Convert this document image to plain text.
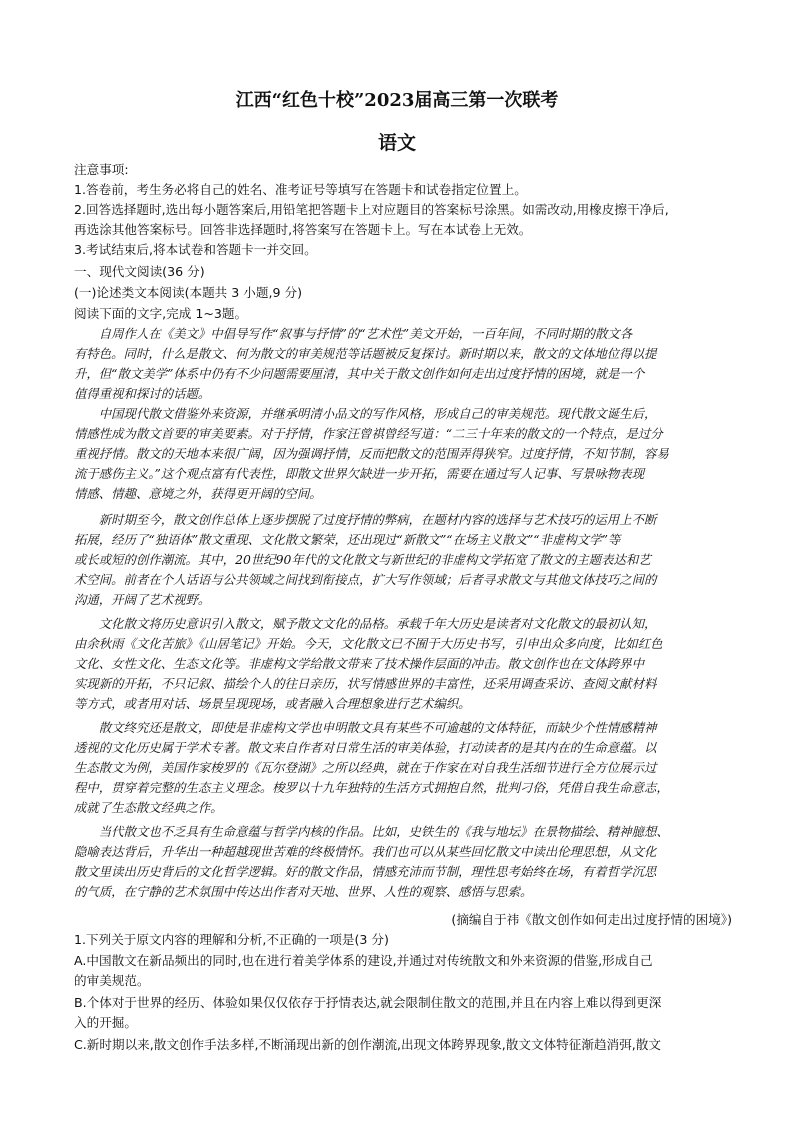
江西“红色十校”2023届高三第一次联考
语文
注意事项:
1.答卷前，考生务必将自己的姓名、准考证号等填写在答题卡和试卷指定位置上。
2.回答选择题时,选出每小题答案后,用铅笔把答题卡上对应题目的答案标号涂黑。如需改动,用橡皮擦干净后,
再选涂其他答案标号。回答非选择题时,将答案写在答题卡上。写在本试卷上无效。
3.考试结束后,将本试卷和答题卡一并交回。
一、现代文阅读(36 分)
(一)论述类文本阅读(本题共 3 小题,9 分)
阅读下面的文字,完成 1~3题。
　　自周作人在《美文》中倡导写作“叙事与抒情”的“艺术性”美文开始，一百年间，不同时期的散文各
有特色。同时，什么是散文、何为散文的审美规范等话题被反复探讨。新时期以来，散文的文体地位得以提
升，但“散文美学”体系中仍有不少问题需要厘清，其中关于散文创作如何走出过度抒情的困境，就是一个
值得重视和探讨的话题。
　　中国现代散文借鉴外来资源，并继承明清小品文的写作风格，形成自己的审美规范。现代散文诞生后，
情感性成为散文首要的审美要素。对于抒情，作家汪曾祺曾经写道：“二三十年来的散文的一个特点，是过分
重视抒情。散文的天地本来很广阔，因为强调抒情，反而把散文的范围弄得狭窄。过度抒情，不知节制，容易
流于感伤主义。”这个观点富有代表性，即散文世界欠缺进一步开拓，需要在通过写人记事、写景咏物表现
情感、情趣、意境之外，获得更开阔的空间。
　　新时期至今，散文创作总体上逐步摆脱了过度抒情的弊病，在题材内容的选择与艺术技巧的运用上不断
拓展，经历了“独语体”散文重现、文化散文繁荣，还出现过“新散文”“在场主义散文”“非虚构文学”等
或长或短的创作潮流。其中，20世纪90年代的文化散文与新世纪的非虚构文学拓宽了散文的主题表达和艺
术空间。前者在个人话语与公共领域之间找到衔接点，扩大写作领域；后者寻求散文与其他文体技巧之间的
沟通，开阔了艺术视野。
　　文化散文将历史意识引入散文，赋予散文文化的品格。承载千年大历史是读者对文化散文的最初认知，
由余秋雨《文化苦旅》《山居笔记》开始。今天，文化散文已不囿于大历史书写，引申出众多向度，比如红色
文化、女性文化、生态文化等。非虚构文学给散文带来了技术操作层面的冲击。散文创作也在文体跨界中
实现新的开拓，不只记叙、描绘个人的往日亲历，状写情感世界的丰富性，还采用调查采访、查阅文献材料
等方式，或者用对话、场景呈现现场，或者融入合理想象进行艺术编织。
　　散文终究还是散文，即使是非虚构文学也申明散文具有某些不可逾越的文体特征，而缺少个性情感精神
透视的文化历史属于学术专著。散文来自作者对日常生活的审美体验，打动读者的是其内在的生命意蕴。以
生态散文为例，美国作家梭罗的《瓦尔登湖》之所以经典，就在于作家在对自我生活细节进行全方位展示过
程中，贯穿着完整的生态主义理念。梭罗以十九年独特的生活方式拥抱自然，批判刁俗，凭借自我生命意志，
成就了生态散文经典之作。
　　当代散文也不乏具有生命意蕴与哲学内核的作品。比如，史铁生的《我与地坛》在景物描绘、精神臆想、
隐喻表达背后，升华出一种超越现世苦难的终极情怀。我们也可以从某些回忆散文中读出伦理思想，从文化
散文里读出历史背后的文化哲学逻辑。好的散文作品，情感充沛而节制，理性思考始终在场，有着哲学沉思
的气质，在宁静的艺术氛围中传达出作者对天地、世界、人性的观察、感悟与思索。
(摘编自于祎《散文创作如何走出过度抒情的困境》)
1.下列关于原文内容的理解和分析,不正确的一项是(3 分)
A.中国散文在新品频出的同时,也在进行着美学体系的建设,并通过对传统散文和外来资源的借鉴,形成自己
的审美规范。
B.个体对于世界的经历、体验如果仅仅依存于抒情表达,就会限制住散文的范围,并且在内容上难以得到更深
入的开掘。
C.新时期以来,散文创作手法多样,不断涌现出新的创作潮流,出现文体跨界现象,散文文体特征渐趋消弭,散文
